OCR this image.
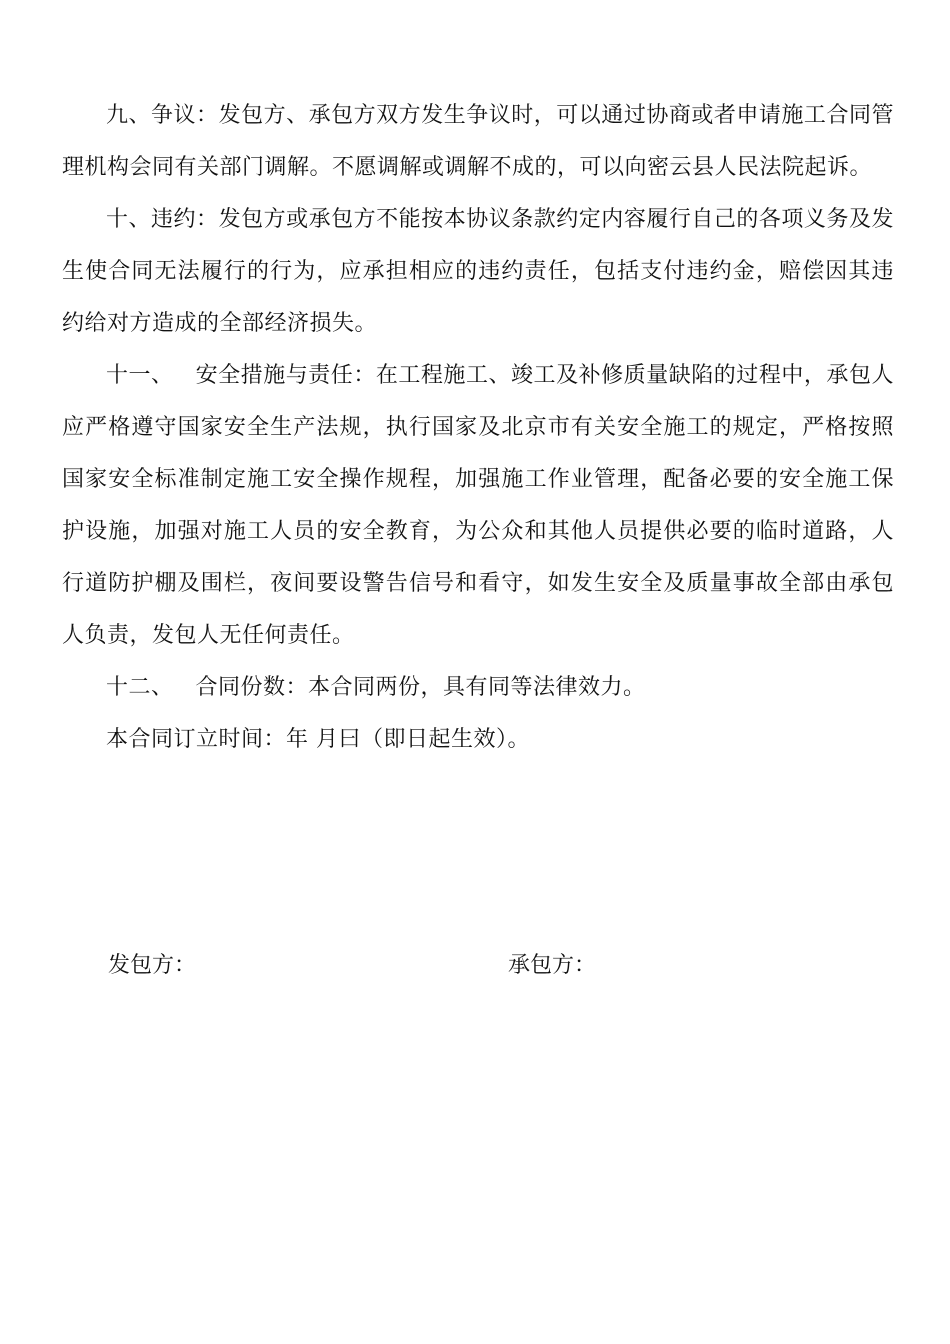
九、争议：发包方、承包方双方发生争议时，可以通过协商或者申请施工合同管理机构会同有关部门调解。不愿调解或调解不成的，可以向密云县人民法院起诉。

十、违约：发包方或承包方不能按本协议条款约定内容履行自己的各项义务及发生使合同无法履行的行为，应承担相应的违约责任，包括支付违约金，赔偿因其违约给对方造成的全部经济损失。

十一、 安全措施与责任：在工程施工、竣工及补修质量缺陷的过程中，承包人应严格遵守国家安全生产法规，执行国家及北京市有关安全施工的规定，严格按照国家安全标准制定施工安全操作规程，加强施工作业管理，配备必要的安全施工保护设施，加强对施工人员的安全教育，为公众和其他人员提供必要的临时道路，人行道防护棚及围栏，夜间要设警告信号和看守，如发生安全及质量事故全部由承包人负责，发包人无任何责任。

十二、 合同份数：本合同两份，具有同等法律效力。

本合同订立时间：年 月曰（即日起生效）。

发包方：	承包方：
